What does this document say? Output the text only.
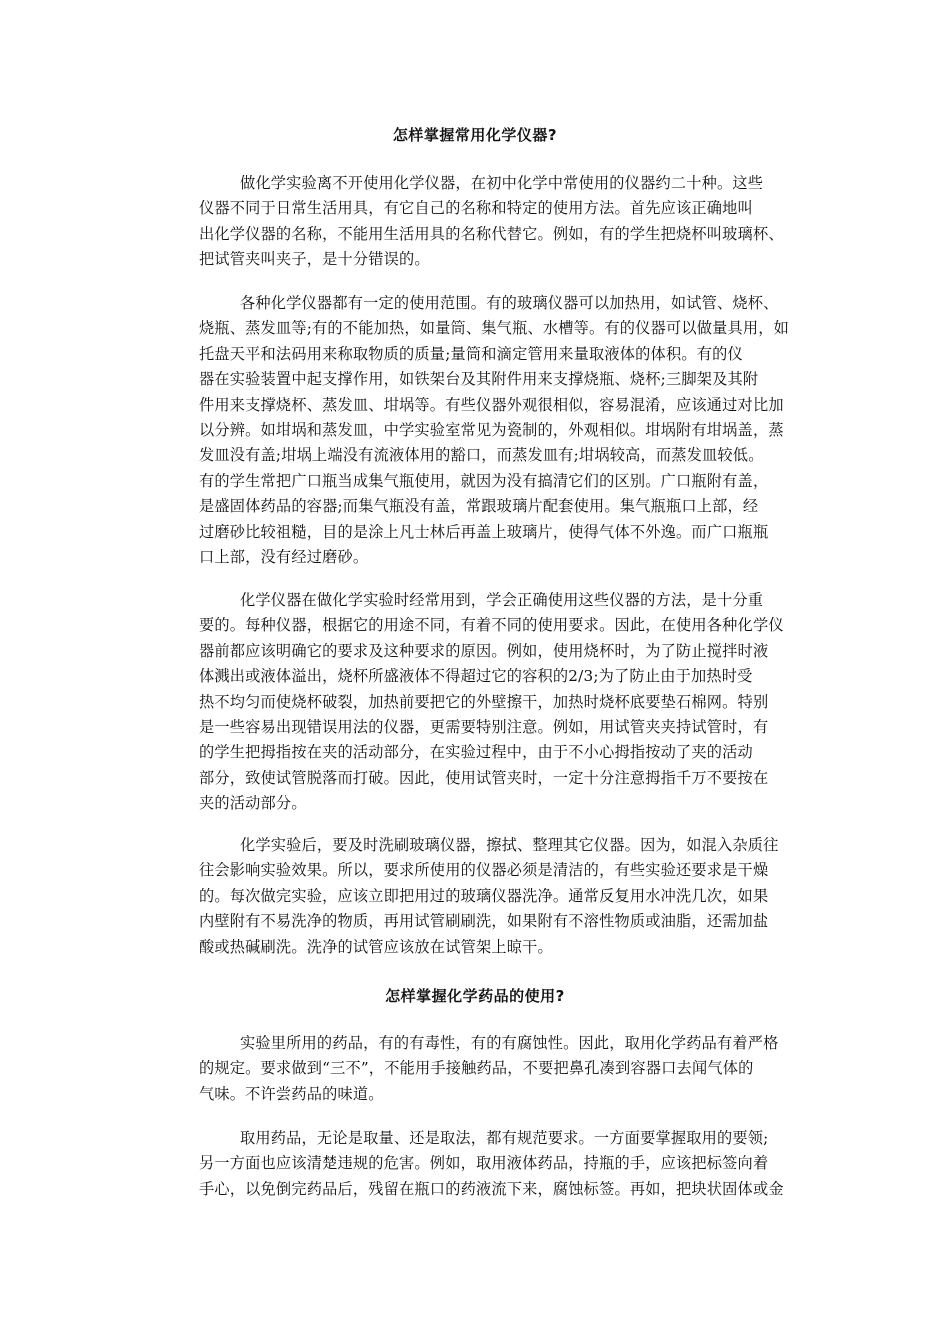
怎样掌握常用化学仪器?
做化学实验离不开使用化学仪器，在初中化学中常使用的仪器约二十种。这些
仪器不同于日常生活用具，有它自己的名称和特定的使用方法。首先应该正确地叫
出化学仪器的名称，不能用生活用具的名称代替它。例如，有的学生把烧杯叫玻璃杯、
把试管夹叫夹子，是十分错误的。
各种化学仪器都有一定的使用范围。有的玻璃仪器可以加热用，如试管、烧杯、
烧瓶、蒸发皿等;有的不能加热，如量筒、集气瓶、水槽等。有的仪器可以做量具用，如
托盘天平和法码用来称取物质的质量;量筒和滴定管用来量取液体的体积。有的仪
器在实验装置中起支撑作用，如铁架台及其附件用来支撑烧瓶、烧杯;三脚架及其附
件用来支撑烧杯、蒸发皿、坩埚等。有些仪器外观很相似，容易混淆，应该通过对比加
以分辨。如坩埚和蒸发皿，中学实验室常见为瓷制的，外观相似。坩埚附有坩埚盖，蒸
发皿没有盖;坩埚上端没有流液体用的豁口，而蒸发皿有;坩埚较高，而蒸发皿较低。
有的学生常把广口瓶当成集气瓶使用，就因为没有搞清它们的区别。广口瓶附有盖，
是盛固体药品的容器;而集气瓶没有盖，常跟玻璃片配套使用。集气瓶瓶口上部，经
过磨砂比较祖糙，目的是涂上凡士林后再盖上玻璃片，使得气体不外逸。而广口瓶瓶
口上部，没有经过磨砂。
化学仪器在做化学实验时经常用到，学会正确使用这些仪器的方法，是十分重
要的。每种仪器，根据它的用途不同，有着不同的使用要求。因此，在使用各种化学仪
器前都应该明确它的要求及这种要求的原因。例如，使用烧杯时，为了防止搅拌时液
体溅出或液体溢出，烧杯所盛液体不得超过它的容积的2/3;为了防止由于加热时受
热不均匀而使烧杯破裂，加热前要把它的外壁擦干，加热时烧杯底要垫石棉网。特别
是一些容易出现错误用法的仪器，更需要特别注意。例如，用试管夹夹持试管时，有
的学生把拇指按在夹的活动部分，在实验过程中，由于不小心拇指按动了夹的活动
部分，致使试管脱落而打破。因此，使用试管夹时，一定十分注意拇指千万不要按在
夹的活动部分。
化学实验后，要及时洗刷玻璃仪器，擦拭、整理其它仪器。因为，如混入杂质往
往会影响实验效果。所以，要求所使用的仪器必须是清洁的，有些实验还要求是干燥
的。每次做完实验，应该立即把用过的玻璃仪器洗净。通常反复用水冲洗几次，如果
内壁附有不易洗净的物质，再用试管刷刷洗，如果附有不溶性物质或油脂，还需加盐
酸或热碱刷洗。洗净的试管应该放在试管架上晾干。
怎样掌握化学药品的使用?
实验里所用的药品，有的有毒性，有的有腐蚀性。因此，取用化学药品有着严格
的规定。要求做到“三不”，不能用手接触药品，不要把鼻孔凑到容器口去闻气体的
气味。不许尝药品的味道。
取用药品，无论是取量、还是取法，都有规范要求。一方面要掌握取用的要领;
另一方面也应该清楚违规的危害。例如，取用液体药品，持瓶的手，应该把标签向着
手心，以免倒完药品后，残留在瓶口的药液流下来，腐蚀标签。再如，把块状固体或金
